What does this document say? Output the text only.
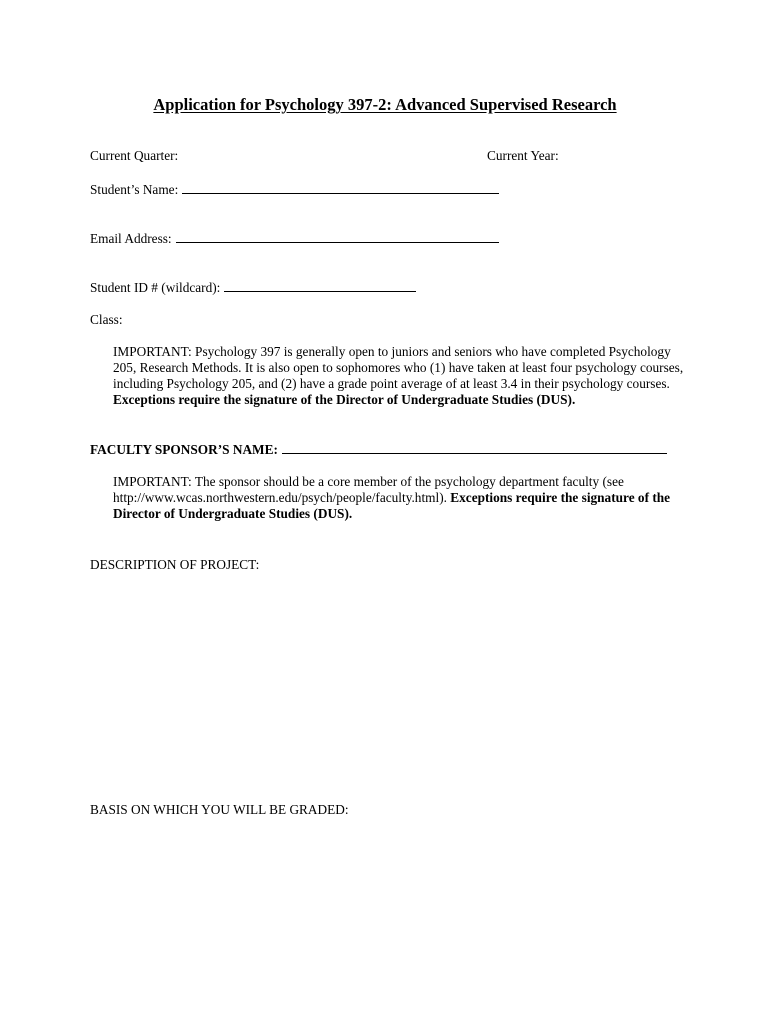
Application for Psychology 397-2: Advanced Supervised Research
Current Quarter:	Current Year:
Student’s Name:
Email Address:
Student ID # (wildcard):
Class:
IMPORTANT: Psychology 397 is generally open to juniors and seniors who have completed Psychology 205, Research Methods. It is also open to sophomores who (1) have taken at least four psychology courses, including Psychology 205, and (2) have a grade point average of at least 3.4 in their psychology courses. Exceptions require the signature of the Director of Undergraduate Studies (DUS).
FACULTY SPONSOR’S NAME:
IMPORTANT: The sponsor should be a core member of the psychology department faculty (see http://www.wcas.northwestern.edu/psych/people/faculty.html). Exceptions require the signature of the Director of Undergraduate Studies (DUS).
DESCRIPTION OF PROJECT:
BASIS ON WHICH YOU WILL BE GRADED:
